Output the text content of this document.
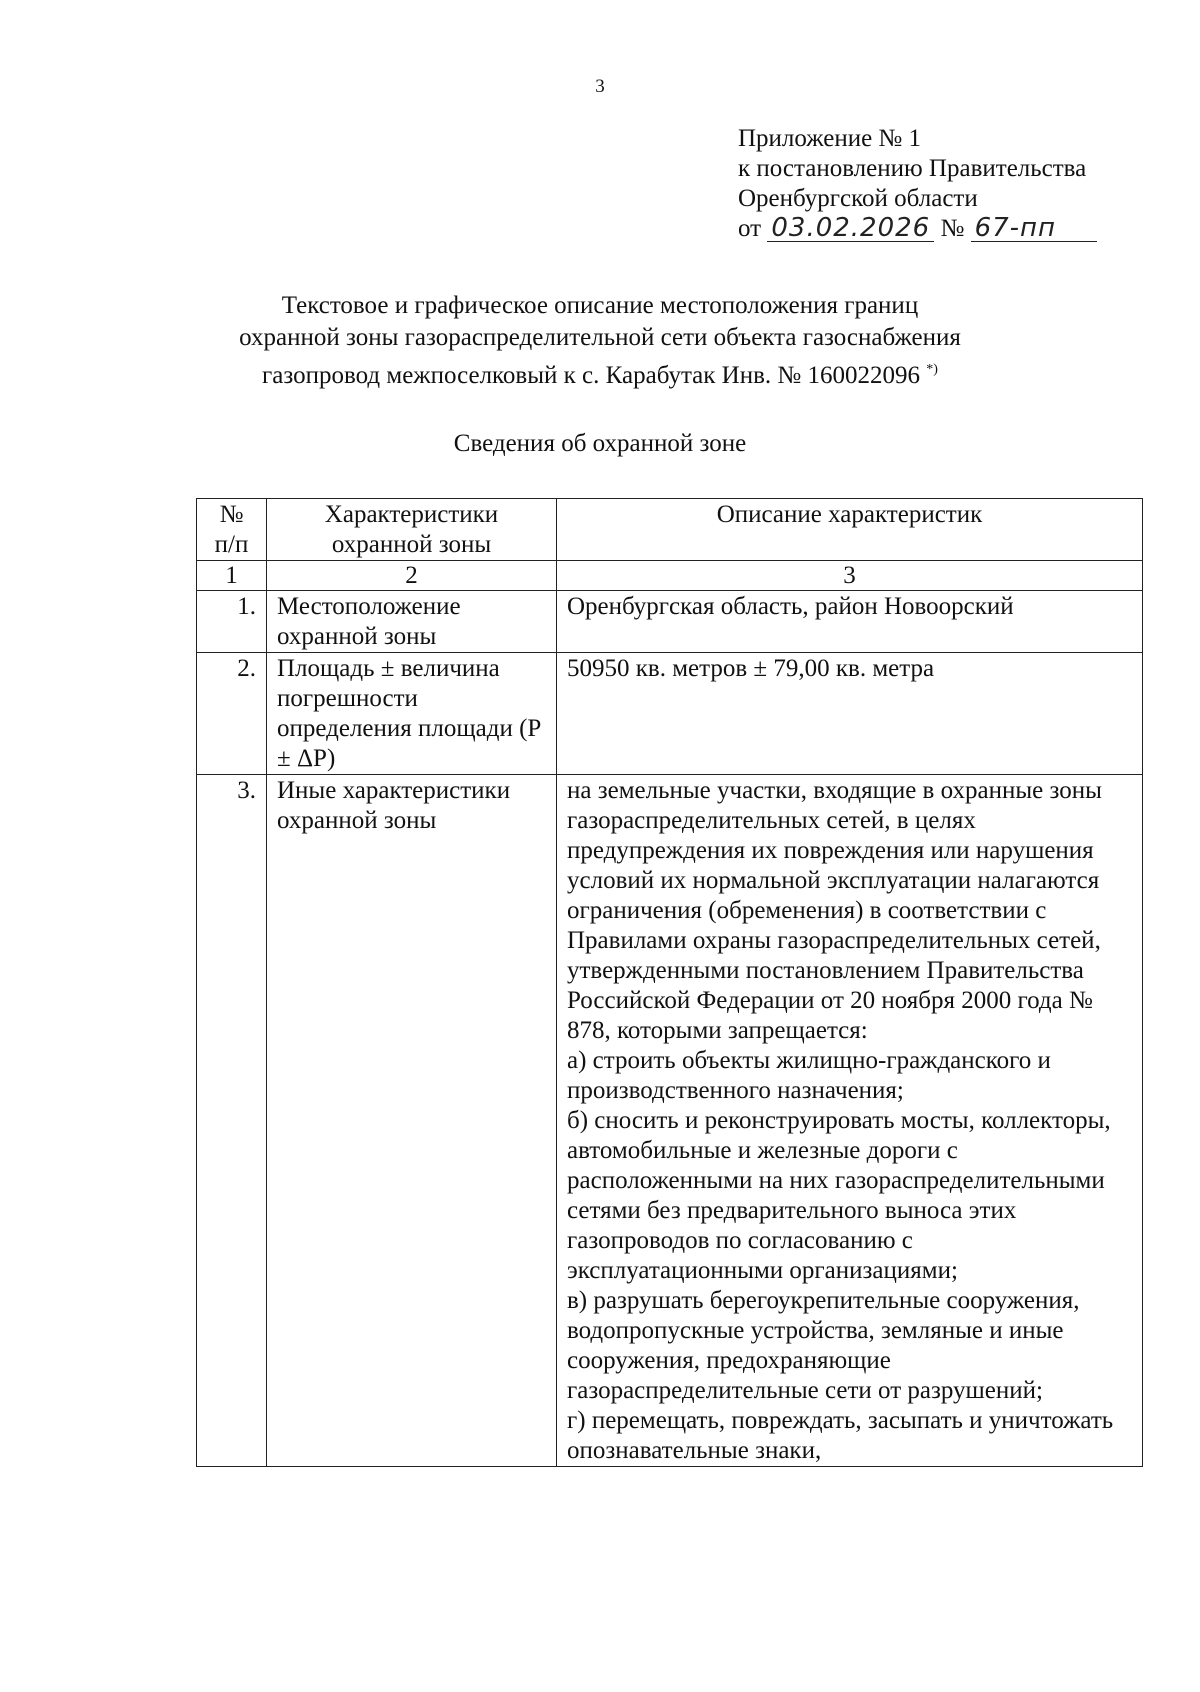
3
Приложение № 1
к постановлению Правительства
Оренбургской области
от 03.02.2026 № 67-пп
Текстовое и графическое описание местоположения границ
охранной зоны газораспределительной сети объекта газоснабжения
газопровод межпоселковый к с. Карабутак Инв. № 160022096 *)
Сведения об охранной зоне
№ п/п	Характеристики охранной зоны	Описание характеристик
1	2	3
1.	Местоположение охранной зоны	Оренбургская область, район Новоорский

2.	Площадь ± величина погрешности определения площади (P ± ΔP)	50950 кв. метров ± 79,00 кв. метра

3.	Иные характеристики охранной зоны	на земельные участки, входящие в охранные зоны газораспределительных сетей, в целях предупреждения их повреждения или нарушения условий их нормальной эксплуатации налагаются ограничения (обременения) в соответствии с Правилами охраны газораспределительных сетей, утвержденными постановлением Правительства Российской Федерации от 20 ноября 2000 года № 878, которыми запрещается:
а) строить объекты жилищно-гражданского и производственного назначения;
б) сносить и реконструировать мосты, коллекторы, автомобильные и железные дороги с расположенными на них газораспределительными сетями без предварительного выноса этих газопроводов по согласованию с эксплуатационными организациями;
в) разрушать берегоукрепительные сооружения, водопропускные устройства, земляные и иные сооружения, предохраняющие газораспределительные сети от разрушений;
г) перемещать, повреждать, засыпать и уничтожать опознавательные знаки,
